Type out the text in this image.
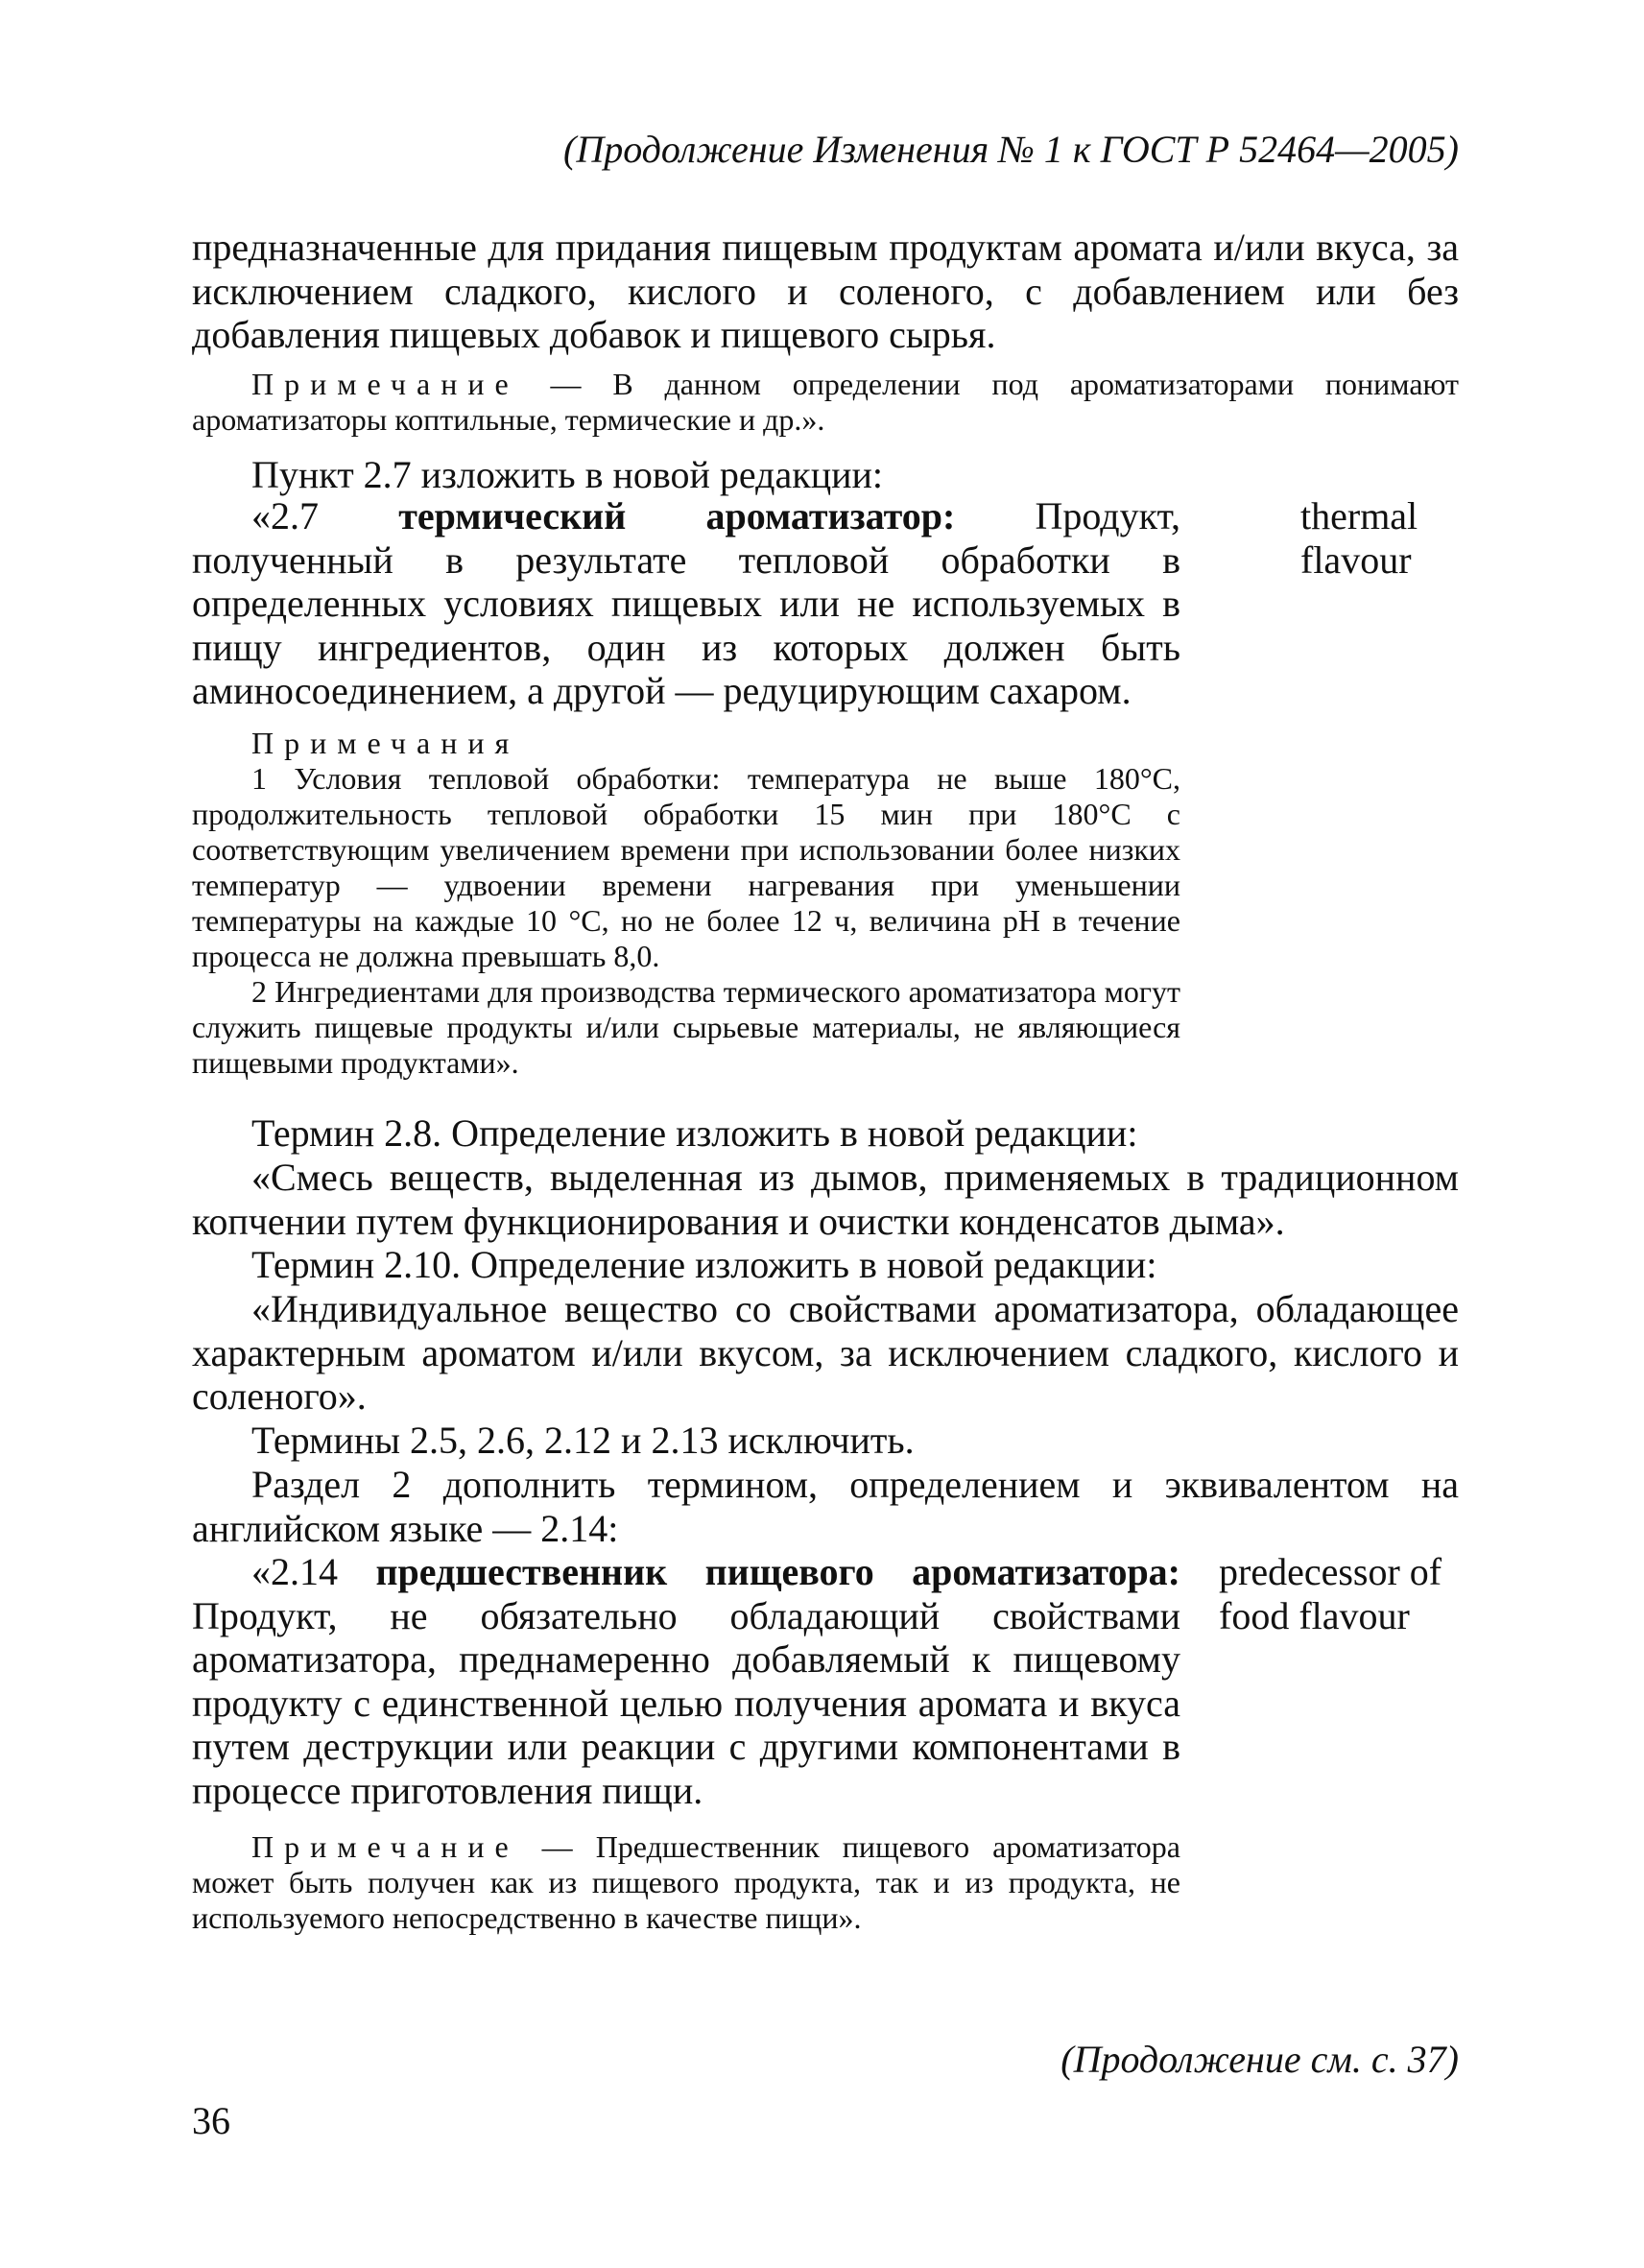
(Продолжение Изменения № 1 к ГОСТ Р 52464—2005)

предназначенные для придания пищевым продуктам аромата и/или вкуса, за исключением сладкого, кислого и соленого, с добавлением или без добавления пищевых добавок и пищевого сырья.

Примечание — В данном определении под ароматизаторами понимают ароматизаторы коптильные, термические и др.».

Пункт 2.7 изложить в новой редакции:

«2.7 термический ароматизатор: Продукт, полученный в результате тепловой обработки в определенных условиях пищевых или не используемых в пищу ингредиентов, один из которых должен быть аминосоединением, а другой — редуцирующим сахаром.

thermal flavour

Примечания

1 Условия тепловой обработки: температура не выше 180°С, продолжительность тепловой обработки 15 мин при 180°С с соответствующим увеличением времени при использовании более низких температур — удвоении времени нагревания при уменьшении температуры на каждые 10 °С, но не более 12 ч, величина pH в течение процесса не должна превышать 8,0.

2 Ингредиентами для производства термического ароматизатора могут служить пищевые продукты и/или сырьевые материалы, не являющиеся пищевыми продуктами».

Термин 2.8. Определение изложить в новой редакции:

«Смесь веществ, выделенная из дымов, применяемых в традиционном копчении путем функционирования и очистки конденсатов дыма».

Термин 2.10. Определение изложить в новой редакции:

«Индивидуальное вещество со свойствами ароматизатора, обладающее характерным ароматом и/или вкусом, за исключением сладкого, кислого и соленого».

Термины 2.5, 2.6, 2.12 и 2.13 исключить.

Раздел 2 дополнить термином, определением и эквивалентом на английском языке — 2.14:

«2.14 предшественник пищевого ароматизатора: Продукт, не обязательно обладающий свойствами ароматизатора, преднамеренно добавляемый к пищевому продукту с единственной целью получения аромата и вкуса путем деструкции или реакции с другими компонентами в процессе приготовления пищи.

predecessor of food flavour

Примечание — Предшественник пищевого ароматизатора может быть получен как из пищевого продукта, так и из продукта, не используемого непосредственно в качестве пищи».

(Продолжение см. с. 37)
36
